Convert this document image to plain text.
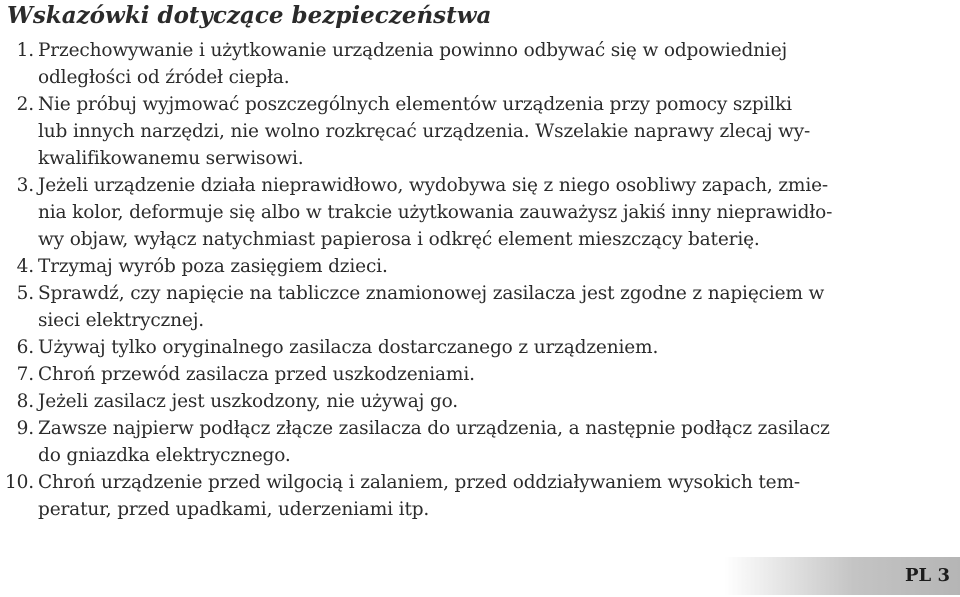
Wskazówki dotyczące bezpieczeństwa
1. Przechowywanie i użytkowanie urządzenia powinno odbywać się w odpowiedniej
odległości od źródeł ciepła.
2. Nie próbuj wyjmować poszczególnych elementów urządzenia przy pomocy szpilki
lub innych narzędzi, nie wolno rozkręcać urządzenia. Wszelakie naprawy zlecaj wy-
kwalifikowanemu serwisowi.
3. Jeżeli urządzenie działa nieprawidłowo, wydobywa się z niego osobliwy zapach, zmie-
nia kolor, deformuje się albo w trakcie użytkowania zauważysz jakiś inny nieprawidło-
wy objaw, wyłącz natychmiast papierosa i odkręć element mieszczący baterię.
4. Trzymaj wyrób poza zasięgiem dzieci.
5. Sprawdź, czy napięcie na tabliczce znamionowej zasilacza jest zgodne z napięciem w
sieci elektrycznej.
6. Używaj tylko oryginalnego zasilacza dostarczanego z urządzeniem.
7. Chroń przewód zasilacza przed uszkodzeniami.
8. Jeżeli zasilacz jest uszkodzony, nie używaj go.
9. Zawsze najpierw podłącz złącze zasilacza do urządzenia, a następnie podłącz zasilacz
do gniazdka elektrycznego.
10. Chroń urządzenie przed wilgocią i zalaniem, przed oddziaływaniem wysokich tem-
peratur, przed upadkami, uderzeniami itp.
PL 3
